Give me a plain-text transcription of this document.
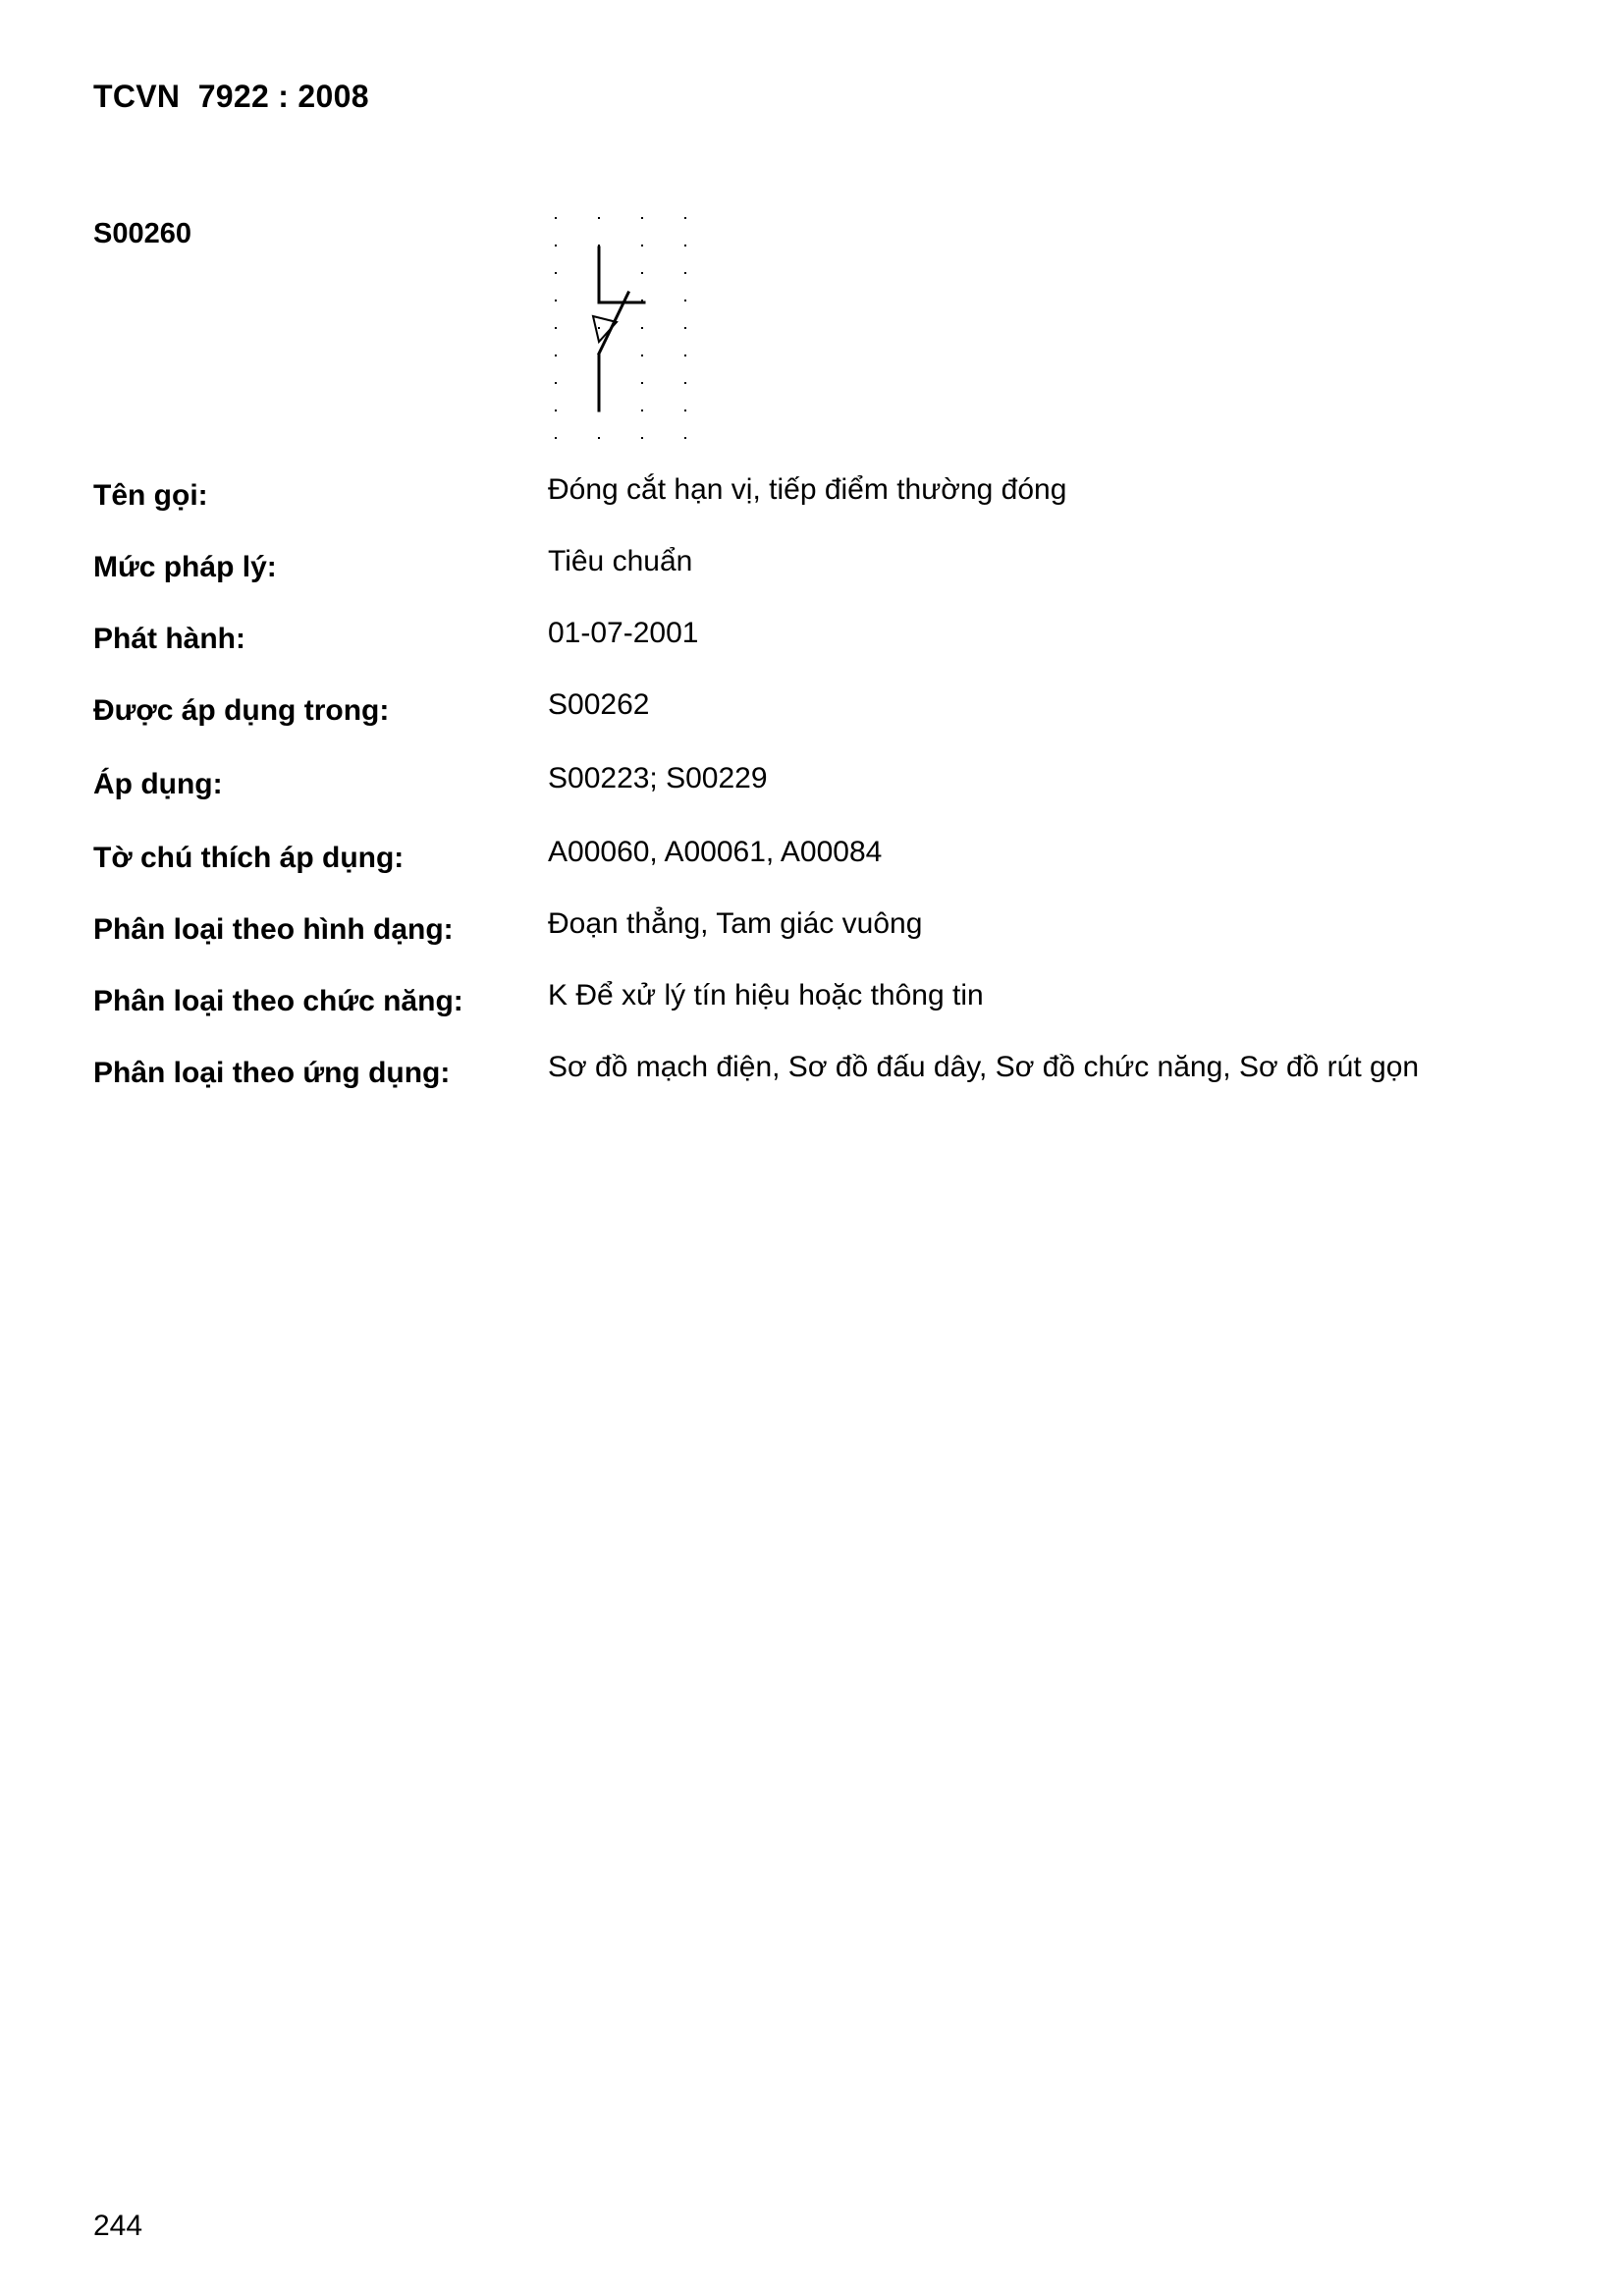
TCVN  7922 : 2008
S00260
Tên gọi:	Đóng cắt hạn vị, tiếp điểm thường đóng
Mức pháp lý:	Tiêu chuẩn
Phát hành:	01-07-2001
Được áp dụng trong:	S00262
Áp dụng:	S00223; S00229
Tờ chú thích áp dụng:	A00060, A00061, A00084
Phân loại theo hình dạng:	Đoạn thẳng, Tam giác vuông
Phân loại theo chức năng:	K Để xử lý tín hiệu hoặc thông tin
Phân loại theo ứng dụng:	Sơ đồ mạch điện, Sơ đồ đấu dây, Sơ đồ chức năng, Sơ đồ rút gọn
244
